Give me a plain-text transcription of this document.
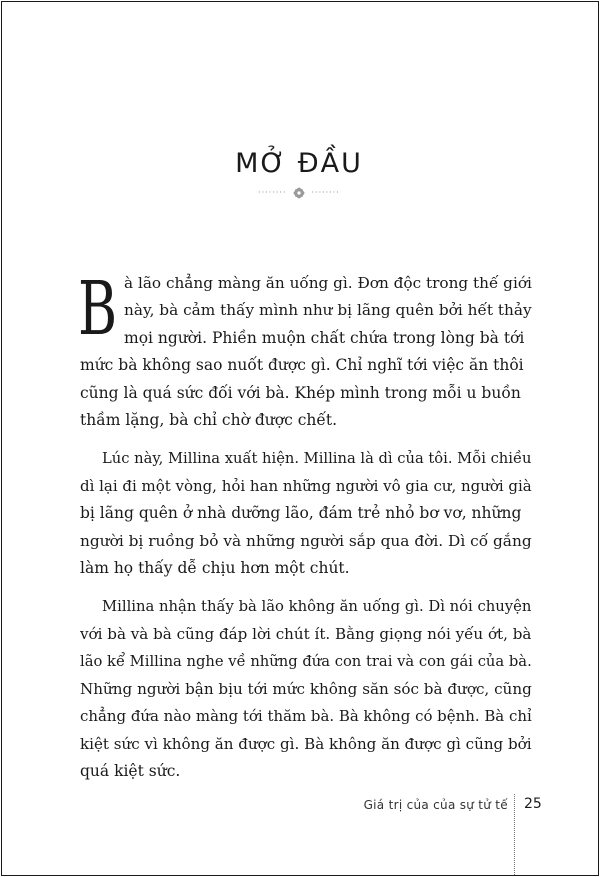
MỞ ĐẦU
········	········
B à lão chẳng màng ăn uống gì. Đơn độc trong thế giới
này, bà cảm thấy mình như bị lãng quên bởi hết thảy
mọi người. Phiền muộn chất chứa trong lòng bà tới
mức bà không sao nuốt được gì. Chỉ nghĩ tới việc ăn thôi
cũng là quá sức đối với bà. Khép mình trong mỗi u buồn
thầm lặng, bà chỉ chờ được chết.
Lúc này, Millina xuất hiện. Millina là dì của tôi. Mỗi chiều
dì lại đi một vòng, hỏi han những người vô gia cư, người già
bị lãng quên ở nhà dưỡng lão, đám trẻ nhỏ bơ vơ, những
người bị ruồng bỏ và những người sắp qua đời. Dì cố gắng
làm họ thấy dễ chịu hơn một chút.
Millina nhận thấy bà lão không ăn uống gì. Dì nói chuyện
với bà và bà cũng đáp lời chút ít. Bằng giọng nói yếu ớt, bà
lão kể Millina nghe về những đứa con trai và con gái của bà.
Những người bận bịu tới mức không săn sóc bà được, cũng
chẳng đứa nào màng tới thăm bà. Bà không có bệnh. Bà chỉ
kiệt sức vì không ăn được gì. Bà không ăn được gì cũng bởi
quá kiệt sức.
Giá trị của của sự tử tế 25
